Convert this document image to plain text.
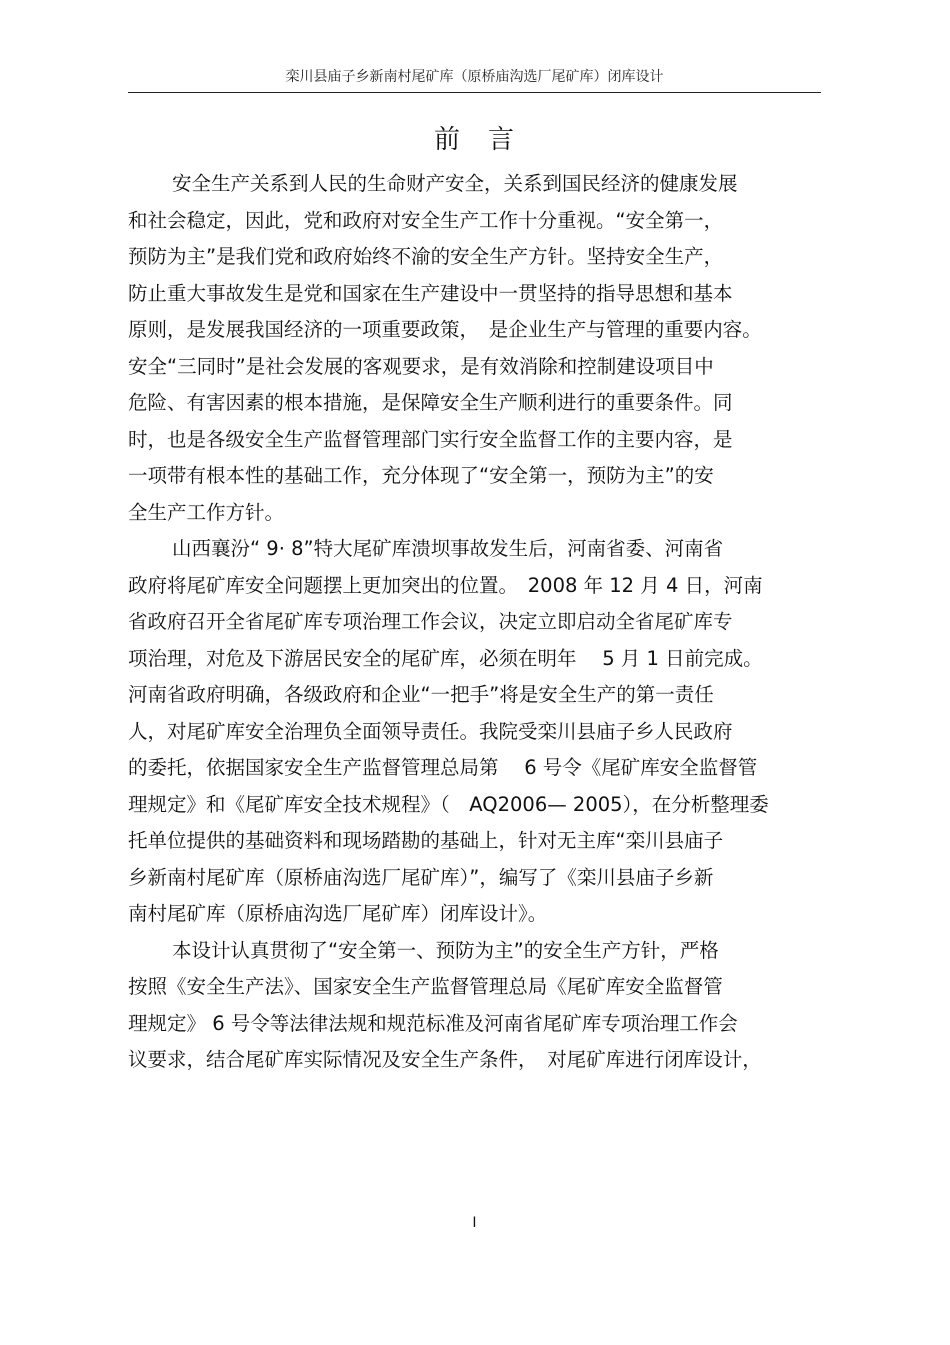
栾川县庙子乡新南村尾矿库（原桥庙沟选厂尾矿库）闭库设计
前　言
安全生产关系到人民的生命财产安全，关系到国民经济的健康发展
和社会稳定，因此，党和政府对安全生产工作十分重视。“安全第一，
预防为主”是我们党和政府始终不渝的安全生产方针。坚持安全生产，
防止重大事故发生是党和国家在生产建设中一贯坚持的指导思想和基本
原则，是发展我国经济的一项重要政策，　是企业生产与管理的重要内容。
安全“三同时”是社会发展的客观要求，是有效消除和控制建设项目中
危险、有害因素的根本措施，是保障安全生产顺利进行的重要条件。同
时，也是各级安全生产监督管理部门实行安全监督工作的主要内容，是
一项带有根本性的基础工作，充分体现了“安全第一，预防为主”的安
全生产工作方针。
山西襄汾“ 9· 8”特大尾矿库溃坝事故发生后，河南省委、河南省
政府将尾矿库安全问题摆上更加突出的位置。　2008 年 12 月 4 日，河南
省政府召开全省尾矿库专项治理工作会议，决定立即启动全省尾矿库专
项治理，对危及下游居民安全的尾矿库，必须在明年　 5 月 1 日前完成。
河南省政府明确，各级政府和企业“一把手”将是安全生产的第一责任
人，对尾矿库安全治理负全面领导责任。我院受栾川县庙子乡人民政府
的委托，依据国家安全生产监督管理总局第　 6 号令《尾矿库安全监督管
理规定》和《尾矿库安全技术规程》（　AQ2006— 2005），在分析整理委
托单位提供的基础资料和现场踏勘的基础上，针对无主库“栾川县庙子
乡新南村尾矿库（原桥庙沟选厂尾矿库）”，编写了《栾川县庙子乡新
南村尾矿库（原桥庙沟选厂尾矿库）闭库设计》。
本设计认真贯彻了“安全第一、预防为主”的安全生产方针，严格
按照《安全生产法》、国家安全生产监督管理总局《尾矿库安全监督管
理规定》 6 号令等法律法规和规范标准及河南省尾矿库专项治理工作会
议要求，结合尾矿库实际情况及安全生产条件，　对尾矿库进行闭库设计，
I
